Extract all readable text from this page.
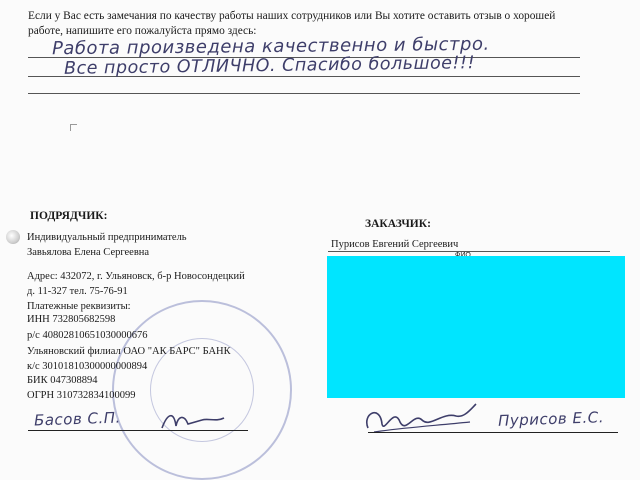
Если у Вас есть замечания по качеству работы наших сотрудников или Вы хотите оставить отзыв о хорошей
работе, напишите его пожалуйста прямо здесь:
Работа произведена качественно и быстро.
Все просто ОТЛИЧНО. Спасибо большое!!!
ПОДРЯДЧИК:
Индивидуальный предприниматель
Завьялова Елена Сергеевна
Адрес: 432072, г. Ульяновск, б-р Новосондецкий
д. 11-327 тел. 75-76-91
Платежные реквизиты:
ИНН 732805682598
р/с 40802810651030000676
Ульяновский филиал ОАО "АК БАРС" БАНК
к/с 30101810300000000894
БИК 047308894
ОГРН 310732834100099
Басов С.П.
ЗАКАЗЧИК:
Пурисов Евгений Сергеевич
Пурисов Е.С.
